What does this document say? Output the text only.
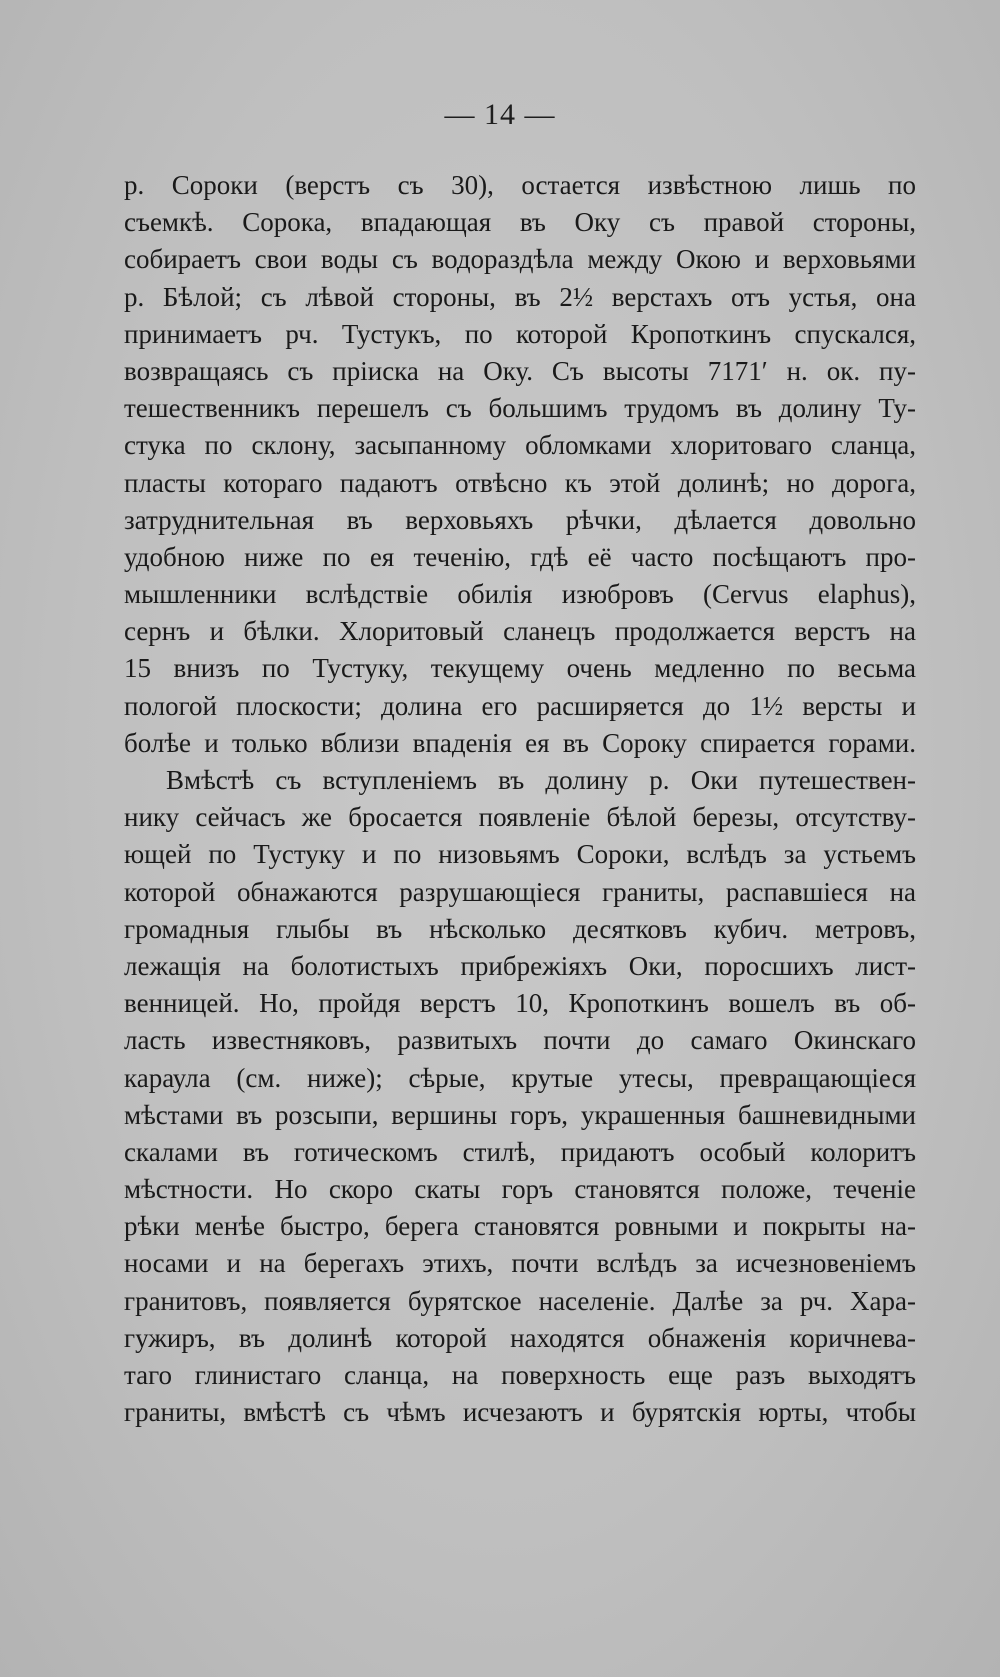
— 14 —
р. Сороки (верстъ съ 30), остается извѣстною лишь по
съемкѣ. Сорока, впадающая въ Оку съ правой стороны,
собираетъ свои воды съ водораздѣла между Окою и верховьями
р. Бѣлой; съ лѣвой стороны, въ 2½ верстахъ отъ устья, она
принимаетъ рч. Тустукъ, по которой Кропоткинъ спускался,
возвращаясь съ пріиска на Оку. Съ высоты 7171′ н. ок. пу-
тешественникъ перешелъ съ большимъ трудомъ въ долину Ту-
стука по склону, засыпанному обломками хлоритоваго сланца,
пласты котораго падаютъ отвѣсно къ этой долинѣ; но дорога,
затруднительная въ верховьяхъ рѣчки, дѣлается довольно
удобною ниже по ея теченію, гдѣ её часто посѣщаютъ про-
мышленники вслѣдствіе обилія изюбровъ (Cervus elaphus),
сернъ и бѣлки. Хлоритовый сланецъ продолжается верстъ на
15 внизъ по Тустуку, текущему очень медленно по весьма
пологой плоскости; долина его расширяется до 1½ версты и
болѣе и только вблизи впаденія ея въ Сороку спирается горами.
Вмѣстѣ съ вступленіемъ въ долину р. Оки путешествен-
нику сейчасъ же бросается появленіе бѣлой березы, отсутству-
ющей по Тустуку и по низовьямъ Сороки, вслѣдъ за устьемъ
которой обнажаются разрушающіеся граниты, распавшіеся на
громадныя глыбы въ нѣсколько десятковъ кубич. метровъ,
лежащія на болотистыхъ прибрежіяхъ Оки, поросшихъ лист-
венницей. Но, пройдя верстъ 10, Кропоткинъ вошелъ въ об-
ласть известняковъ, развитыхъ почти до самаго Окинскаго
караула (см. ниже); сѣрые, крутые утесы, превращающіеся
мѣстами въ розсыпи, вершины горъ, украшенныя башневидными
скалами въ готическомъ стилѣ, придаютъ особый колоритъ
мѣстности. Но скоро скаты горъ становятся положе, теченіе
рѣки менѣе быстро, берега становятся ровными и покрыты на-
носами и на берегахъ этихъ, почти вслѣдъ за исчезновеніемъ
гранитовъ, появляется бурятское населеніе. Далѣе за рч. Хара-
гужиръ, въ долинѣ которой находятся обнаженія коричнева-
таго глинистаго сланца, на поверхность еще разъ выходятъ
граниты, вмѣстѣ съ чѣмъ исчезаютъ и бурятскія юрты, чтобы
